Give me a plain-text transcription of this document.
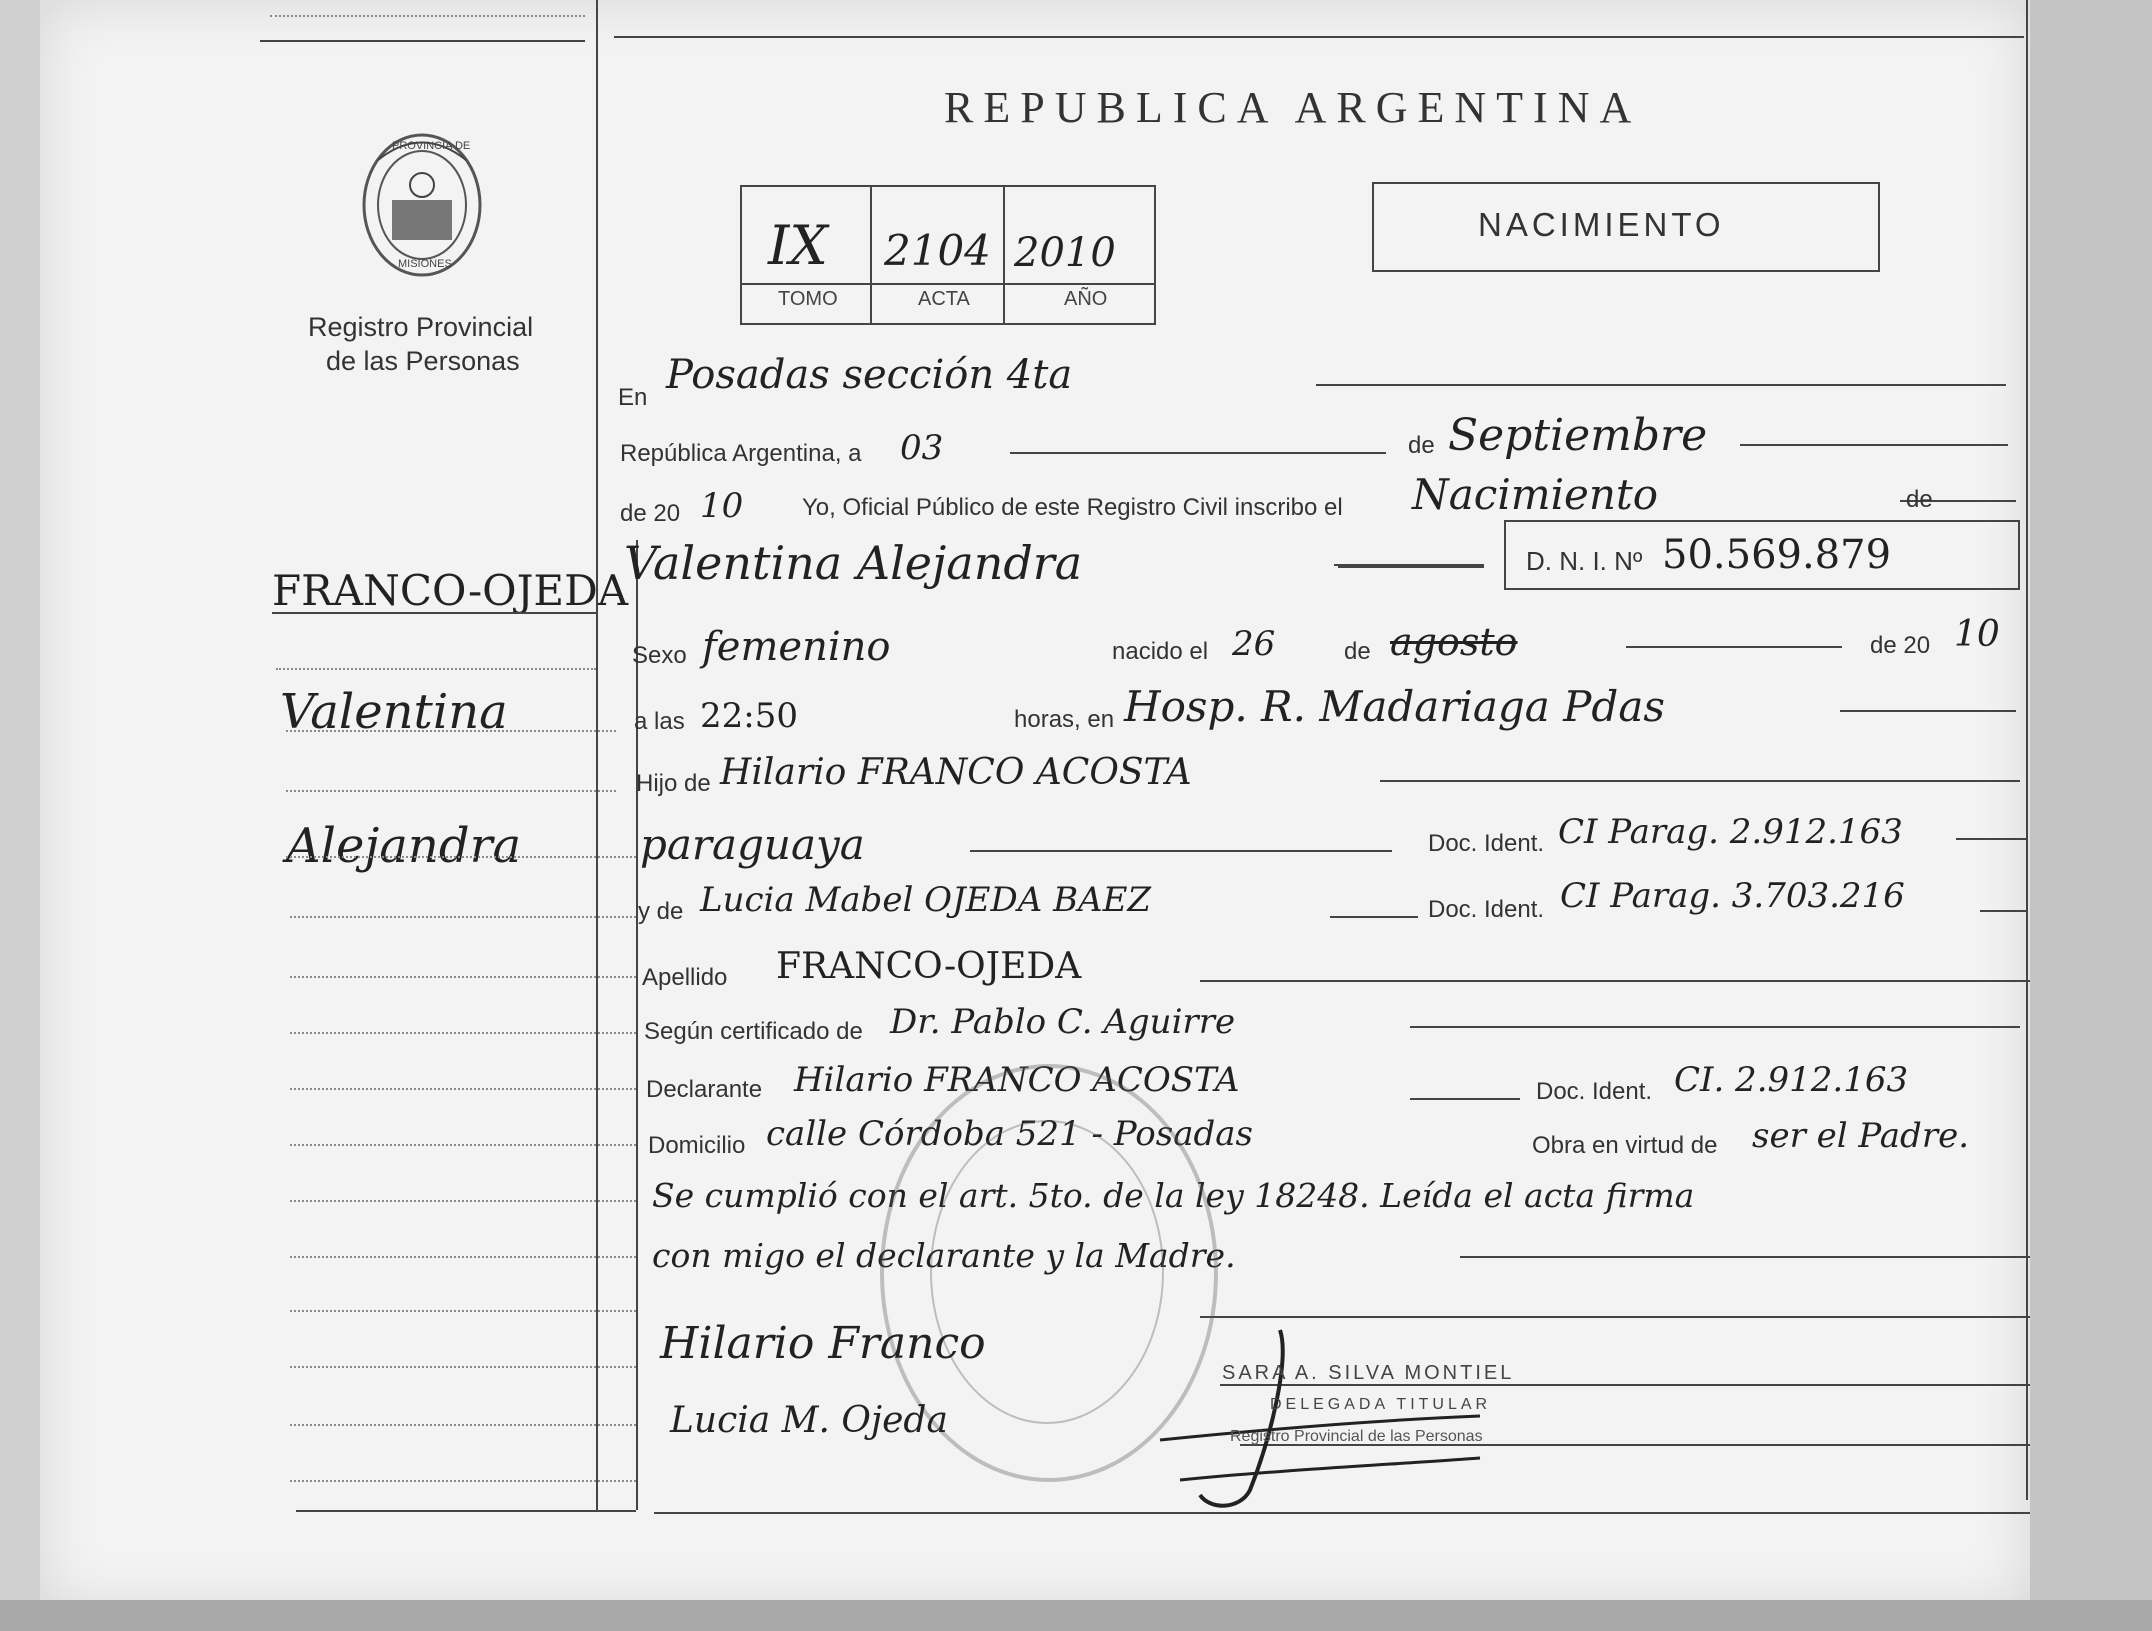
PROVINCIA DE
MISIONES
Registro Provincial
de las Personas
REPUBLICA ARGENTINA
IX 2104 2010
TOMO	ACTA	AÑO
NACIMIENTO
FRANCO-OJEDA
Valentina
Alejandra
En Posadas sección 4ta
República Argentina, a 03	de Septiembre
de 20 10 Yo, Oficial Público de este Registro Civil inscribo el Nacimiento	de
Valentina Alejandra	D. N. I. Nº 50.569.879
Sexo femenino	nacido el 26	de agosto	de 20 10
a las 22:50	horas, en Hosp. R. Madariaga Pdas
Hijo de Hilario FRANCO ACOSTA
paraguaya	Doc. Ident. CI Parag. 2.912.163
y de Lucia Mabel OJEDA BAEZ	Doc. Ident. CI Parag. 3.703.216
Apellido FRANCO-OJEDA
Según certificado de Dr. Pablo C. Aguirre
Declarante Hilario FRANCO ACOSTA	Doc. Ident. CI. 2.912.163
Domicilio calle Córdoba 521 - Posadas	Obra en virtud de ser el Padre.
Se cumplió con el art. 5to. de la ley 18248. Leída el acta firma
con migo el declarante y la Madre.
Hilario Franco
Lucia M. Ojeda
SARA A. SILVA MONTIEL
DELEGADA TITULAR
Registro Provincial de las Personas
